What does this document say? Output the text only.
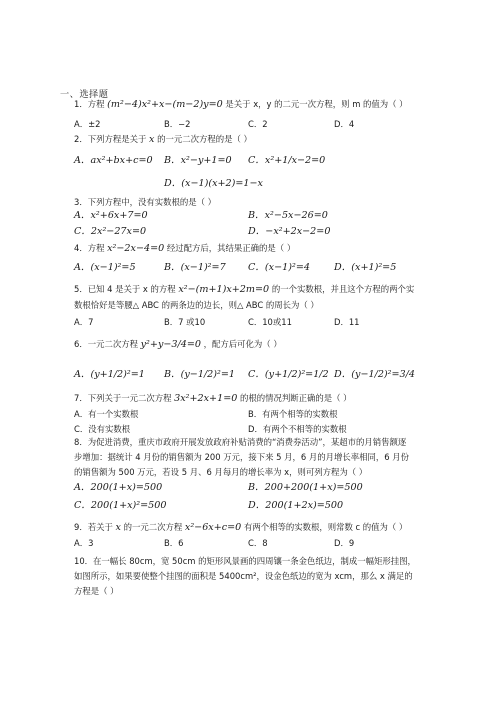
一、选择题
1．方程 (m²−4)x²+x−(m−2)y=0 是关于 x，y 的二元一次方程，则 m 的值为（ ）
A．±2	B．−2	C．2	D．4
2．下列方程是关于 x 的一元二次方程的是（ ）
A．ax²+bx+c=0 B．x²−y+1=0 C．x²+1/x−2=0
D．(x−1)(x+2)=1−x
3．下列方程中，没有实数根的是（ ）
A．x²+6x+7=0	B．x²−5x−26=0
C．2x²−27x=0	D．−x²+2x−2=0
4．方程 x²−2x−4=0 经过配方后，其结果正确的是（ ）
A．(x−1)²=5	B．(x−1)²=7 C．(x−1)²=4	D．(x+1)²=5
5．已知 4 是关于 x 的方程 x²−(m+1)x+2m=0 的一个实数根，并且这个方程的两个实
数根恰好是等腰△ ABC 的两条边的边长，则△ ABC 的周长为（ ）
A．7	B．7 或10	C．10或11	D．11
6．一元二次方程 y²+y−3/4=0 ，配方后可化为（ ）
A．(y+1/2)²=1 B．(y−1/2)²=1 C．(y+1/2)²=1/2 D．(y−1/2)²=3/4
7．下列关于一元二次方程 3x²+2x+1=0 的根的情况判断正确的是（ ）
A．有一个实数根	B．有两个相等的实数根
C．没有实数根	D．有两个不相等的实数根
8．为促进消费，重庆市政府开展发放政府补贴消费的“消费券活动”，某超市的月销售额逐
步增加：据统计 4 月份的销售额为 200 万元，接下来 5 月，6 月的月增长率相同，6 月份
的销售额为 500 万元，若设 5 月、6 月每月的增长率为 x，则可列方程为（ ）
A．200(1+x)=500	B．200+200(1+x)=500
C．200(1+x)²=500	D．200(1+2x)=500
9．若关于 x 的一元二次方程 x²−6x+c=0 有两个相等的实数根，则常数 c 的值为（ ）
A．3	B．6	C．8	D．9
10．在一幅长 80cm，宽 50cm 的矩形风景画的四周镶一条金色纸边，制成一幅矩形挂图，
如图所示，如果要使整个挂图的面积是 5400cm²，设金色纸边的宽为 xcm，那么 x 满足的
方程是（ ）
